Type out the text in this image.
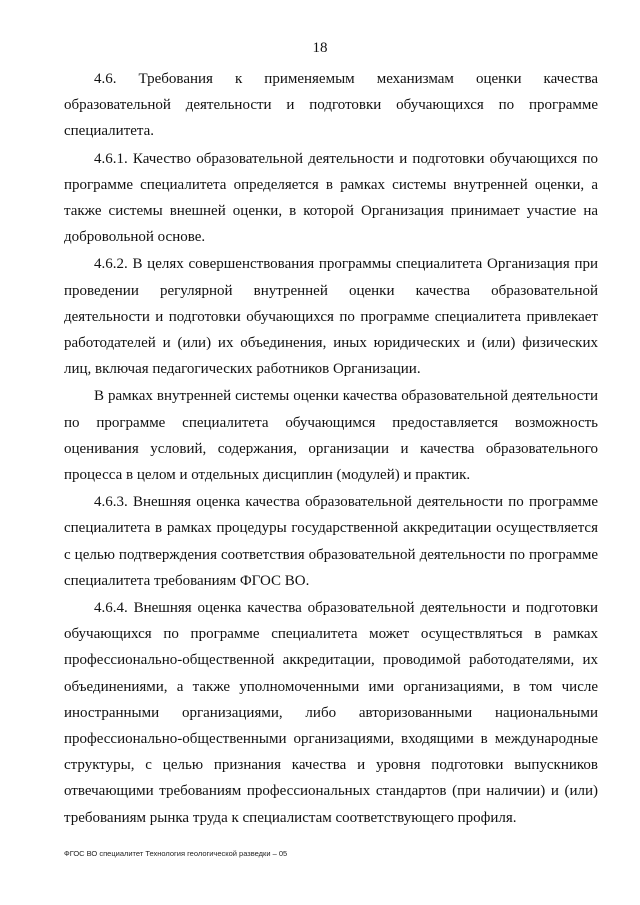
18

4.6. Требования к применяемым механизмам оценки качества образовательной деятельности и подготовки обучающихся по программе специалитета.

4.6.1. Качество образовательной деятельности и подготовки обучающихся по программе специалитета определяется в рамках системы внутренней оценки, а также системы внешней оценки, в которой Организация принимает участие на добровольной основе.

4.6.2. В целях совершенствования программы специалитета Организация при проведении регулярной внутренней оценки качества образовательной деятельности и подготовки обучающихся по программе специалитета привлекает работодателей и (или) их объединения, иных юридических и (или) физических лиц, включая педагогических работников Организации.

В рамках внутренней системы оценки качества образовательной деятельности по программе специалитета обучающимся предоставляется возможность оценивания условий, содержания, организации и качества образовательного процесса в целом и отдельных дисциплин (модулей) и практик.

4.6.3. Внешняя оценка качества образовательной деятельности по программе специалитета в рамках процедуры государственной аккредитации осуществляется с целью подтверждения соответствия образовательной деятельности по программе специалитета требованиям ФГОС ВО.

4.6.4. Внешняя оценка качества образовательной деятельности и подготовки обучающихся по программе специалитета может осуществляться в рамках профессионально-общественной аккредитации, проводимой работодателями, их объединениями, а также уполномоченными ими организациями, в том числе иностранными организациями, либо авторизованными национальными профессионально-общественными организациями, входящими в международные структуры, с целью признания качества и уровня подготовки выпускников отвечающими требованиям профессиональных стандартов (при наличии) и (или) требованиям рынка труда к специалистам соответствующего профиля.

ФГОС ВО специалитет Технология геологической разведки – 05
